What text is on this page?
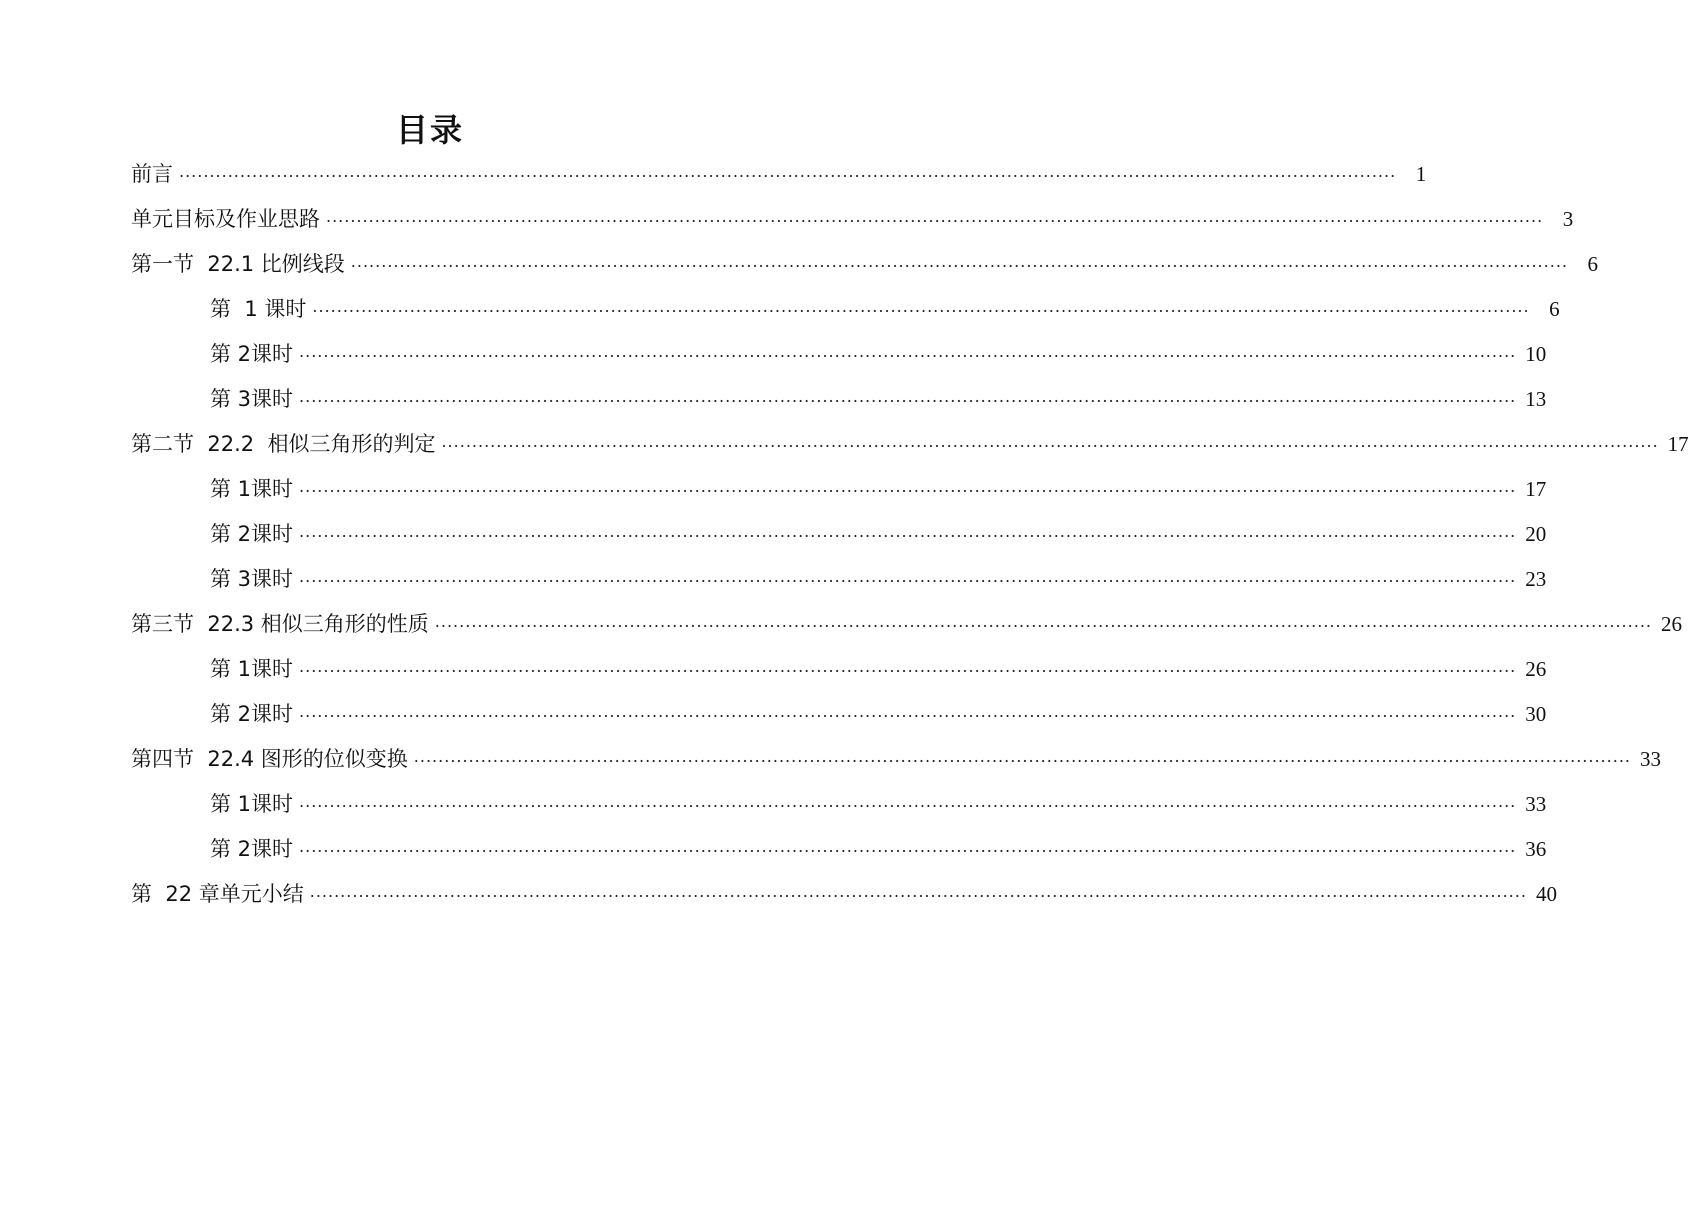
目录
前言 ........................................................................................................................................................................................................ 1
单元目标及作业思路 ........................................................................................................................................................................................................ 3
第一节  22.1 比例线段 ........................................................................................................................................................................................................ 6
第  1 课时 ........................................................................................................................................................................................................ 6
第 2课时 ........................................................................................................................................................................................................ 10
第 3课时 ........................................................................................................................................................................................................ 13
第二节  22.2  相似三角形的判定 ........................................................................................................................................................................................................ 17
第 1课时 ........................................................................................................................................................................................................ 17
第 2课时 ........................................................................................................................................................................................................ 20
第 3课时 ........................................................................................................................................................................................................ 23
第三节  22.3 相似三角形的性质 ........................................................................................................................................................................................................ 26
第 1课时 ........................................................................................................................................................................................................ 26
第 2课时 ........................................................................................................................................................................................................ 30
第四节  22.4 图形的位似变换 ........................................................................................................................................................................................................ 33
第 1课时 ........................................................................................................................................................................................................ 33
第 2课时 ........................................................................................................................................................................................................ 36
第  22 章单元小结 ........................................................................................................................................................................................................ 40
